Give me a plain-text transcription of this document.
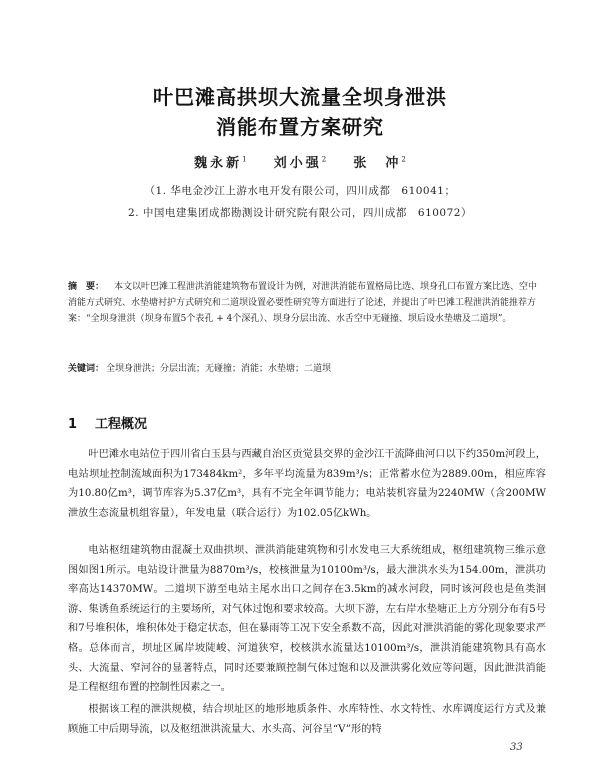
叶巴滩高拱坝大流量全坝身泄洪
消能布置方案研究
魏永新$^1$ 刘小强$^2$ 张　冲$^2$
（1. 华电金沙江上游水电开发有限公司，四川成都　610041；
2. 中国电建集团成都勘测设计研究院有限公司，四川成都　610072）
摘　要： 本文以叶巴滩工程泄洪消能建筑物布置设计为例，对泄洪消能布置格局比选、坝身孔口布置方案比选、空中消能方式研究、水垫塘衬护方式研究和二道坝设置必要性研究等方面进行了论述，并提出了叶巴滩工程泄洪消能推荐方案：“全坝身泄洪（坝身布置5个表孔 + 4个深孔）、坝身分层出流、水舌空中无碰撞、坝后设水垫塘及二道坝”。
关键词： 全坝身泄洪；分层出流；无碰撞；消能；水垫塘；二道坝
1 工程概况
叶巴滩水电站位于四川省白玉县与西藏自治区贡觉县交界的金沙江干流降曲河口以下约350m河段上，电站坝址控制流域面积为173484km²，多年平均流量为839m³/s；正常蓄水位为2889.00m，相应库容为10.80亿m³，调节库容为5.37亿m³，具有不完全年调节能力；电站装机容量为2240MW（含200MW泄放生态流量机组容量），年发电量（联合运行）为102.05亿kWh。
电站枢纽建筑物由混凝土双曲拱坝、泄洪消能建筑物和引水发电三大系统组成，枢纽建筑物三维示意图如图1所示。电站设计泄量为8870m³/s，校核泄量为10100m³/s，最大泄洪水头为154.00m，泄洪功率高达14370MW。二道坝下游至电站主尾水出口之间存在3.5km的减水河段，同时该河段也是鱼类洄游、集诱鱼系统运行的主要场所，对气体过饱和要求较高。大坝下游，左右岸水垫塘正上方分别分布有5号和7号堆积体，堆积体处于稳定状态，但在暴雨等工况下安全系数不高，因此对泄洪消能的雾化现象要求严格。总体而言，坝址区属岸坡陡峻、河道狭窄，校核洪水流量达10100m³/s，泄洪消能建筑物具有高水头、大流量、窄河谷的显著特点，同时还要兼顾控制气体过饱和以及泄洪雾化效应等问题，因此泄洪消能是工程枢纽布置的控制性因素之一。
根据该工程的泄洪规模，结合坝址区的地形地质条件、水库特性、水文特性、水库调度运行方式及兼顾施工中后期导流，以及枢纽泄洪流量大、水头高、河谷呈“V”形的特
33
